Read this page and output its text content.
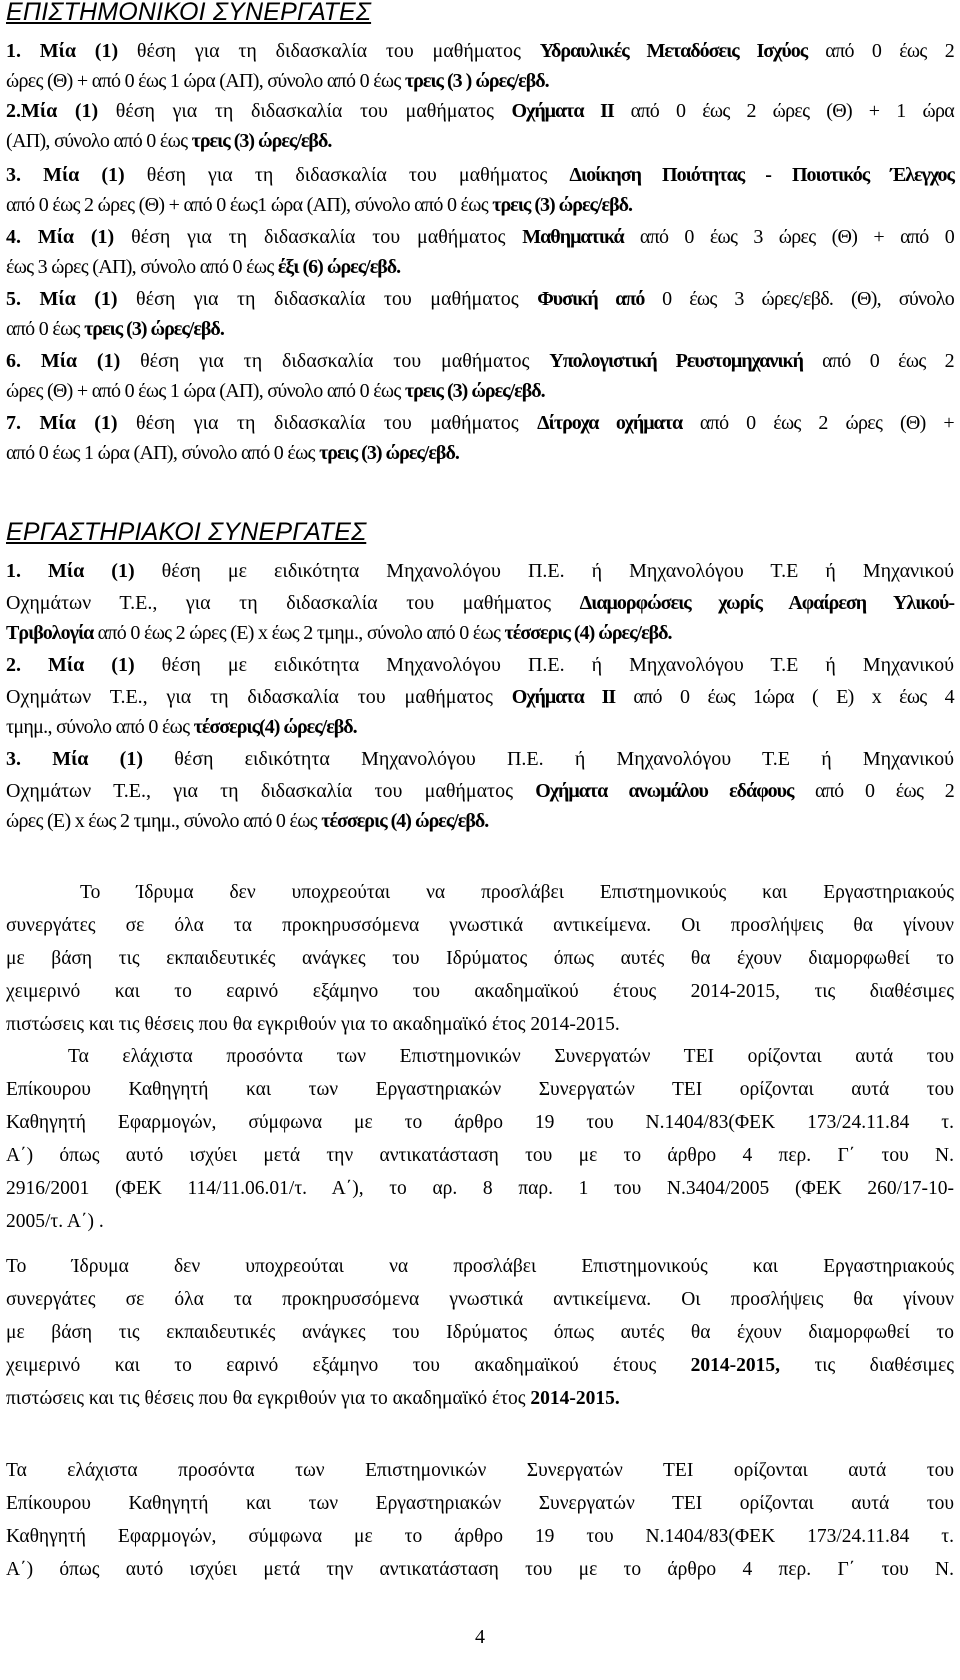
ΕΠΙΣΤΗΜΟΝΙΚΟΙ ΣΥΝΕΡΓΑΤΕΣ
1. Μία (1) θέση για τη διδασκαλία του μαθήματος Υδραυλικές Μεταδόσεις Ισχύος από 0 έως 2
ώρες (Θ) + από 0 έως 1 ώρα (ΑΠ), σύνολο από 0 έως τρεις (3 ) ώρες/εβδ.
2.Μία (1) θέση για τη διδασκαλία του μαθήματος Οχήματα ΙΙ από 0 έως 2 ώρες (Θ) + 1 ώρα
(ΑΠ), σύνολο από 0 έως τρεις (3) ώρες/εβδ.
3. Μία (1) θέση για τη διδασκαλία του μαθήματος Διοίκηση Ποιότητας - Ποιοτικός Έλεγχος
από 0 έως 2 ώρες (Θ) + από 0 έως1 ώρα (ΑΠ), σύνολο από 0 έως τρεις (3) ώρες/εβδ.
4. Μία (1) θέση για τη διδασκαλία του μαθήματος Μαθηματικά από 0 έως 3 ώρες (Θ) + από 0
έως 3 ώρες (ΑΠ), σύνολο από 0 έως έξι (6) ώρες/εβδ.
5. Μία (1) θέση για τη διδασκαλία του μαθήματος Φυσική από 0 έως 3 ώρες/εβδ. (Θ), σύνολο
από 0 έως τρεις (3) ώρες/εβδ.
6. Μία (1) θέση για τη διδασκαλία του μαθήματος Υπολογιστική Ρευστομηχανική από 0 έως 2
ώρες (Θ) + από 0 έως 1 ώρα (ΑΠ), σύνολο από 0 έως τρεις (3) ώρες/εβδ.
7. Μία (1) θέση για τη διδασκαλία του μαθήματος Δίτροχα οχήματα από 0 έως 2 ώρες (Θ) +
από 0 έως 1 ώρα (ΑΠ), σύνολο από 0 έως τρεις (3) ώρες/εβδ.
ΕΡΓΑΣΤΗΡΙΑΚΟΙ ΣΥΝΕΡΓΑΤΕΣ
1. Μία (1) θέση με ειδικότητα Μηχανολόγου Π.Ε. ή Μηχανολόγου Τ.Ε ή Μηχανικού
Οχημάτων Τ.Ε., για τη διδασκαλία του μαθήματος Διαμορφώσεις χωρίς Αφαίρεση Υλικού-
Τριβολογία από 0 έως 2 ώρες (Ε) x έως 2 τμημ., σύνολο από 0 έως τέσσερις (4) ώρες/εβδ.
2. Μία (1) θέση με ειδικότητα Μηχανολόγου Π.Ε. ή Μηχανολόγου Τ.Ε ή Μηχανικού
Οχημάτων Τ.Ε., για τη διδασκαλία του μαθήματος Οχήματα ΙΙ από 0 έως 1ώρα ( Ε) x έως 4
τμημ., σύνολο από 0 έως τέσσερις(4) ώρες/εβδ.
3. Μία (1) θέση ειδικότητα Μηχανολόγου Π.Ε. ή Μηχανολόγου Τ.Ε ή Μηχανικού
Οχημάτων Τ.Ε., για τη διδασκαλία του μαθήματος Οχήματα ανωμάλου εδάφους από 0 έως 2
ώρες (Ε) x έως 2 τμημ., σύνολο από 0 έως τέσσερις (4) ώρες/εβδ.
Το Ίδρυμα δεν υποχρεούται να προσλάβει Επιστημονικούς και Εργαστηριακούς
συνεργάτες σε όλα τα προκηρυσσόμενα γνωστικά αντικείμενα. Οι προσλήψεις θα γίνουν
με βάση τις εκπαιδευτικές ανάγκες του Ιδρύματος όπως αυτές θα έχουν διαμορφωθεί το
χειμερινό και το εαρινό εξάμηνο του ακαδημαϊκού έτους 2014-2015, τις διαθέσιμες
πιστώσεις και τις θέσεις που θα εγκριθούν για το ακαδημαϊκό έτος 2014-2015.
Τα ελάχιστα προσόντα των Επιστημονικών Συνεργατών ΤΕΙ ορίζονται αυτά του
Επίκουρου Καθηγητή και των Εργαστηριακών Συνεργατών ΤΕΙ ορίζονται αυτά του
Καθηγητή Εφαρμογών, σύμφωνα με το άρθρο 19 του Ν.1404/83(ΦΕΚ 173/24.11.84 τ.
Α΄) όπως αυτό ισχύει μετά την αντικατάσταση του με το άρθρο 4 περ. Γ΄ του Ν.
2916/2001 (ΦΕΚ 114/11.06.01/τ. Α΄), το αρ. 8 παρ. 1 του Ν.3404/2005 (ΦΕΚ 260/17-10-
2005/τ. Α΄) .
Το Ίδρυμα δεν υποχρεούται να προσλάβει Επιστημονικούς και Εργαστηριακούς
συνεργάτες σε όλα τα προκηρυσσόμενα γνωστικά αντικείμενα. Οι προσλήψεις θα γίνουν
με βάση τις εκπαιδευτικές ανάγκες του Ιδρύματος όπως αυτές θα έχουν διαμορφωθεί το
χειμερινό και το εαρινό εξάμηνο του ακαδημαϊκού έτους 2014-2015, τις διαθέσιμες
πιστώσεις και τις θέσεις που θα εγκριθούν για το ακαδημαϊκό έτος 2014-2015.
Τα ελάχιστα προσόντα των Επιστημονικών Συνεργατών ΤΕΙ ορίζονται αυτά του
Επίκουρου Καθηγητή και των Εργαστηριακών Συνεργατών ΤΕΙ ορίζονται αυτά του
Καθηγητή Εφαρμογών, σύμφωνα με το άρθρο 19 του Ν.1404/83(ΦΕΚ 173/24.11.84 τ.
Α΄) όπως αυτό ισχύει μετά την αντικατάσταση του με το άρθρο 4 περ. Γ΄ του Ν.
4
